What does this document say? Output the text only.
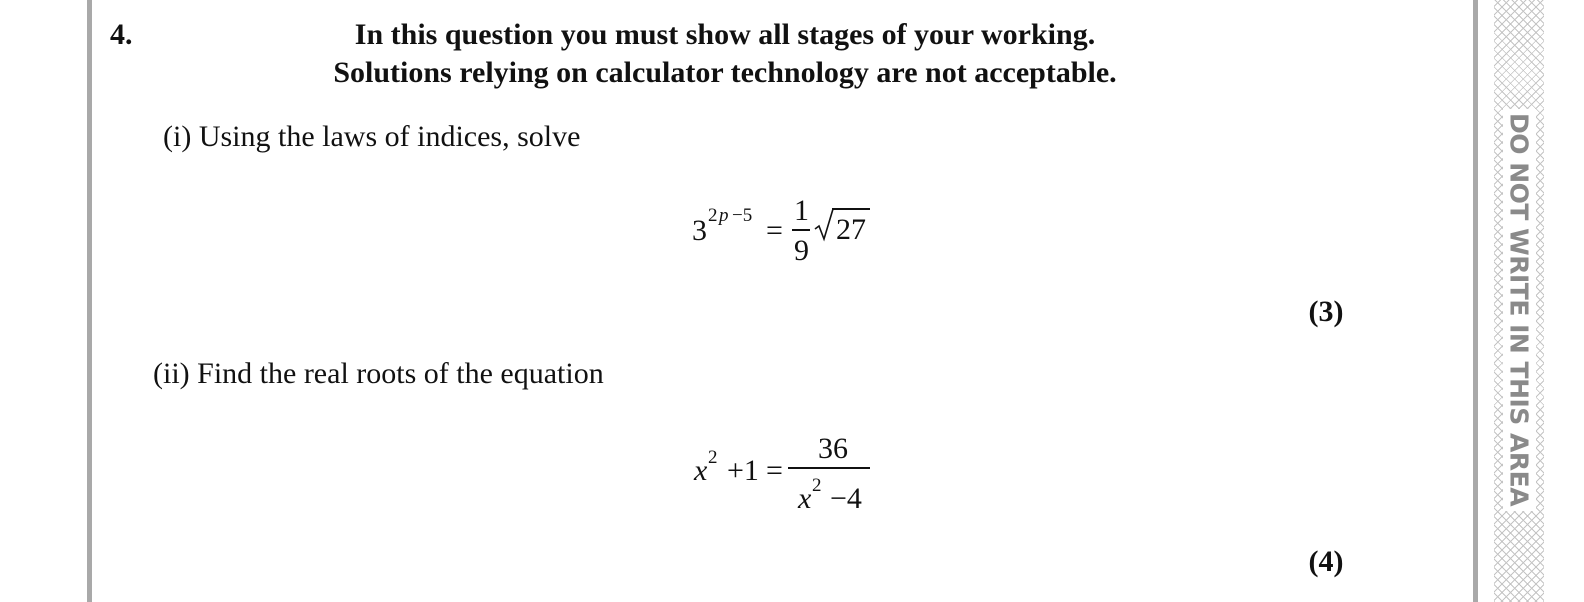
DO NOT WRITE IN THIS AREA
4.	In this question you must show all stages of your working.
Solutions relying on calculator technology are not acceptable.
(i) Using the laws of indices, solve
3 2 p −5 =
1
9
27
(3)
(ii) Find the real roots of the equation
x 2 +1 =
36
x 2 −4
(4)
